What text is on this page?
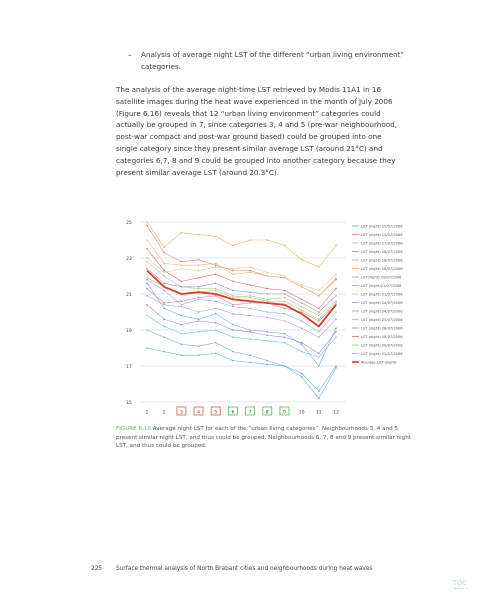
– Analysis of average night LST of the different “urban living environment” categories.
The analysis of the average night-time LST retrieved by Modis 11A1 in 16 satellite images during the heat wave experienced in the month of July 2006 (Figure 6.16) reveals that 12 “urban living environment” categories could actually be grouped in 7, since categories 3, 4 and 5 (pre-war neighbourhood, post-war compact and post-war ground based) could be grouped into one single category since they present similar average LST (around 21°C) and categories 6,7, 8 and 9 could be grouped into another category because they present similar average LST (around 20.3°C).
15
17
19
21
23
25
1	2	3	4	5	6	7	8	9	10 11 12
LST (night) 15/07/2006
LST (night) 15/07/2006
LST (night) 17/07/2006
LST (night) 16/07/2006
LST (night) 18/07/2006
LST (night) 18/07/2006
LST(night) 20/07/2006
LST (night)21/07/2006
LST (night) 21/07/2006
LST (night) 24/07/2006
LST (night) 24/07/2006
LST (night) 25/07/2006
LST (night) 28/07/2006
LST (night) 28/07/2006
LST (night) 20/07/2006
LST (night) 22/07/2006
Average LST (night)
FIGURE 6.16 Average night LST for each of the “urban living categories”. Neighbourhoods 3, 4 and 5 present similar night LST, and thus could be grouped. Neighbourhoods 6, 7, 8 and 9 present similar night LST, and thus could be grouped.
225 Surface thermal analysis of North Brabant cities and neighbourhoods during heat waves
TOC
